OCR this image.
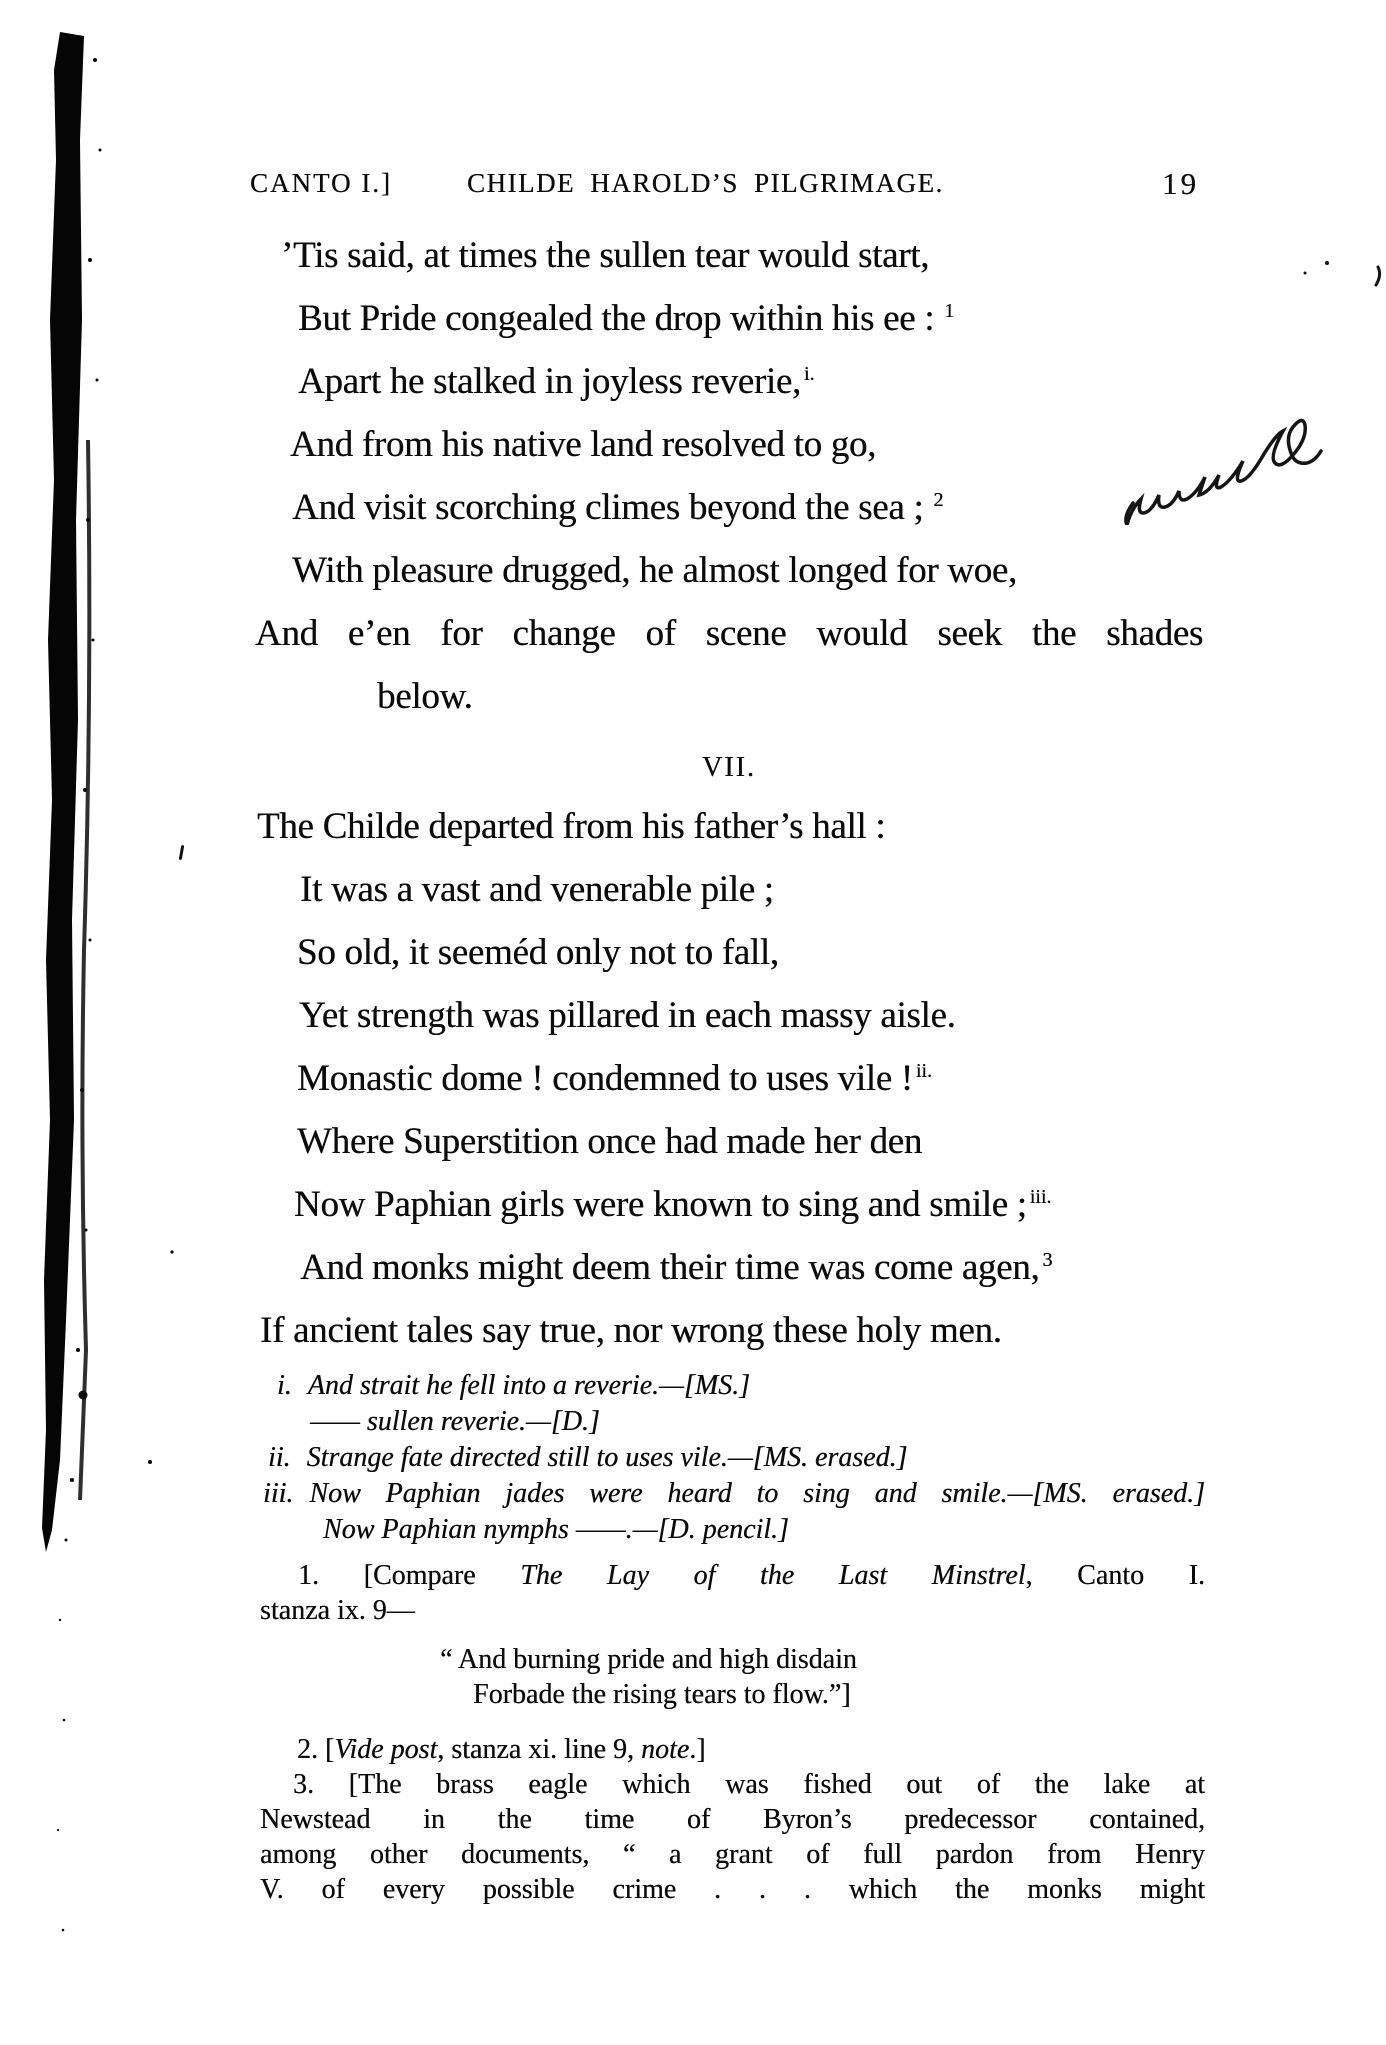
CANTO I.]	CHILDE HAROLD’S PILGRIMAGE.	19
’Tis said, at times the sullen tear would start,
But Pride congealed the drop within his ee : $^1$
Apart he stalked in joyless reverie, $^{i.}$
And from his native land resolved to go,
And visit scorching climes beyond the sea ; $^2$
With pleasure drugged, he almost longed for woe,
And e’en for change of scene would seek the shades
below.
VII.
The Childe departed from his father’s hall :
It was a vast and venerable pile ;
So old, it seeméd only not to fall,
Yet strength was pillared in each massy aisle.
Monastic dome ! condemned to uses vile ! $^{ii.}$
Where Superstition once had made her den
Now Paphian girls were known to sing and smile ; $^{iii.}$
And monks might deem their time was come agen, $^3$
If ancient tales say true, nor wrong these holy men.
i. And strait he fell into a reverie.—[MS.]
—— sullen reverie.—[D.]
ii. Strange fate directed still to uses vile.—[MS. erased.]
iii. Now Paphian jades were heard to sing and smile.—[MS. erased.]
Now Paphian nymphs ——.—[D. pencil.]
1. [Compare The Lay of the Last Minstrel, Canto I.
stanza ix. 9—
“ And burning pride and high disdain
Forbade the rising tears to flow.”]
2. [Vide post, stanza xi. line 9, note.]
3. [The brass eagle which was fished out of the lake at
Newstead in the time of Byron’s predecessor contained,
among other documents, “ a grant of full pardon from Henry
V. of every possible crime . . . which the monks might
